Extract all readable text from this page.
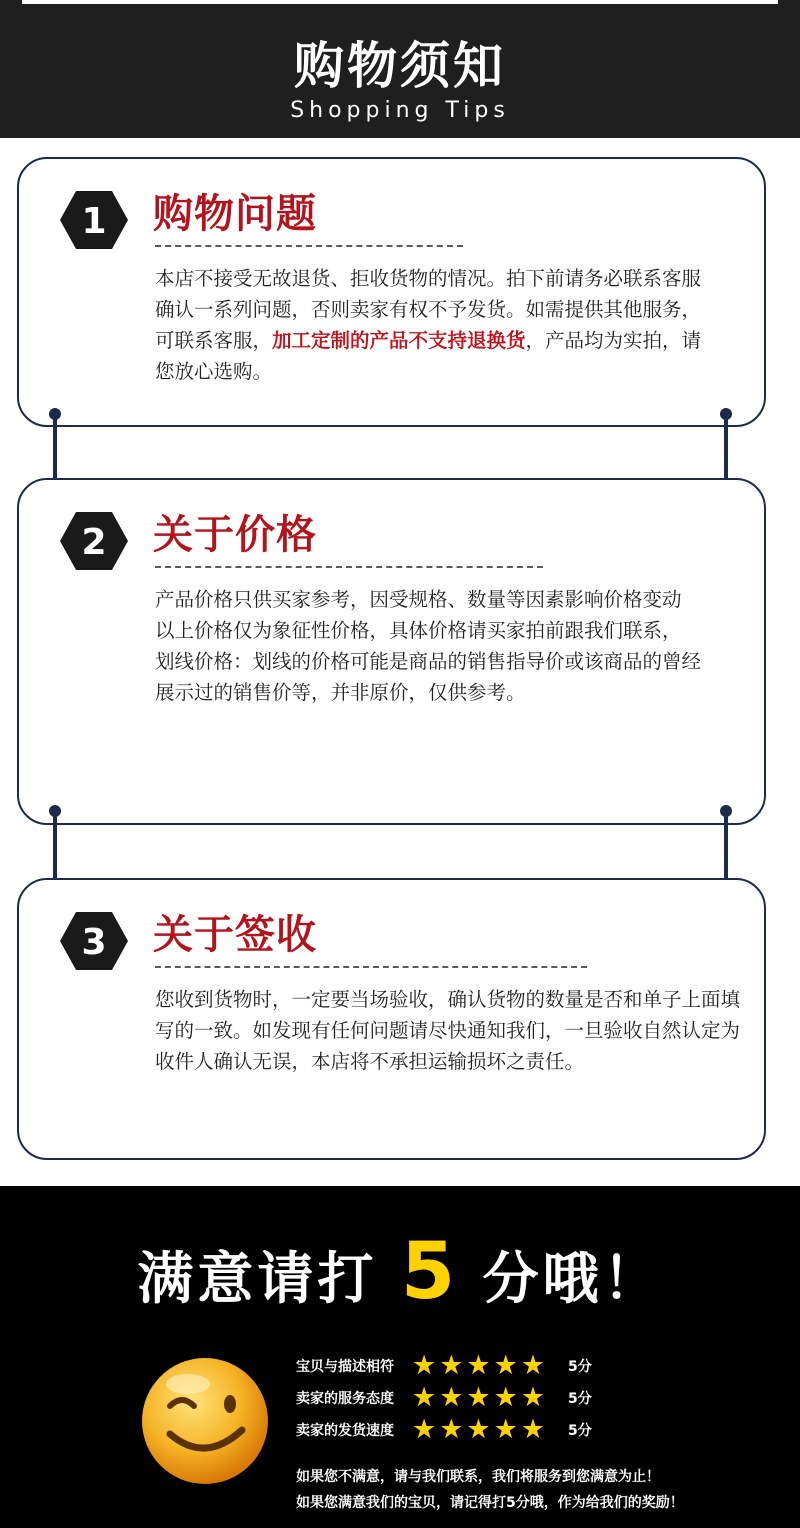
购物须知
Shopping Tips
1 购物问题
本店不接受无故退货、拒收货物的情况。拍下前请务必联系客服确认一系列问题，否则卖家有权不予发货。如需提供其他服务，可联系客服，加工定制的产品不支持退换货，产品均为实拍，请您放心选购。
2 关于价格
产品价格只供买家参考，因受规格、数量等因素影响价格变动
以上价格仅为象征性价格，具体价格请买家拍前跟我们联系，
划线价格：划线的价格可能是商品的销售指导价或该商品的曾经
展示过的销售价等，并非原价，仅供参考。
3 关于签收
您收到货物时，一定要当场验收，确认货物的数量是否和单子上面填写的一致。如发现有任何问题请尽快通知我们，一旦验收自然认定为收件人确认无误，本店将不承担运输损坏之责任。
满意请打 5 分哦！
宝贝与描述相符 ★★★★★	5分
卖家的服务态度 ★★★★★	5分
卖家的发货速度 ★★★★★	5分
如果您不满意，请与我们联系，我们将服务到您满意为止！
如果您满意我们的宝贝，请记得打5分哦，作为给我们的奖励！
